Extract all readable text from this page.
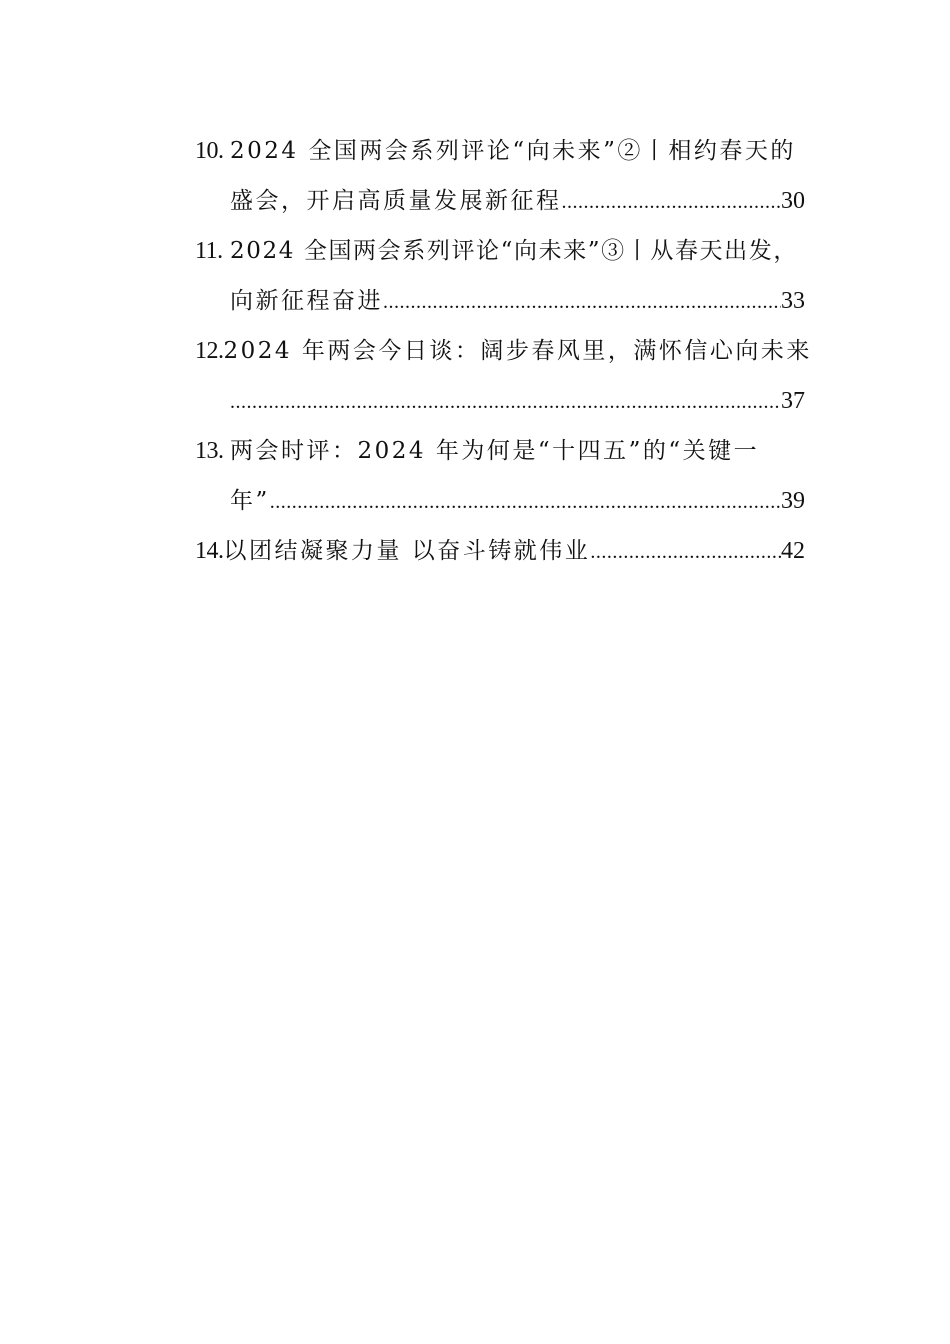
10. 2024 全国两会系列评论“向未来”②丨相约春天的
盛会，开启高质量发展新征程 .....	30
11. 2024 全国两会系列评论“向未来”③丨从春天出发，
向新征程奋进 .....	33
12. 2024 年两会今日谈：阔步春风里，满怀信心向未来
.....
37
13. 两会时评：2024 年为何是“十四五”的“关键一
年” .....	39
14. 以团结凝聚力量 以奋斗铸就伟业 .....	42
